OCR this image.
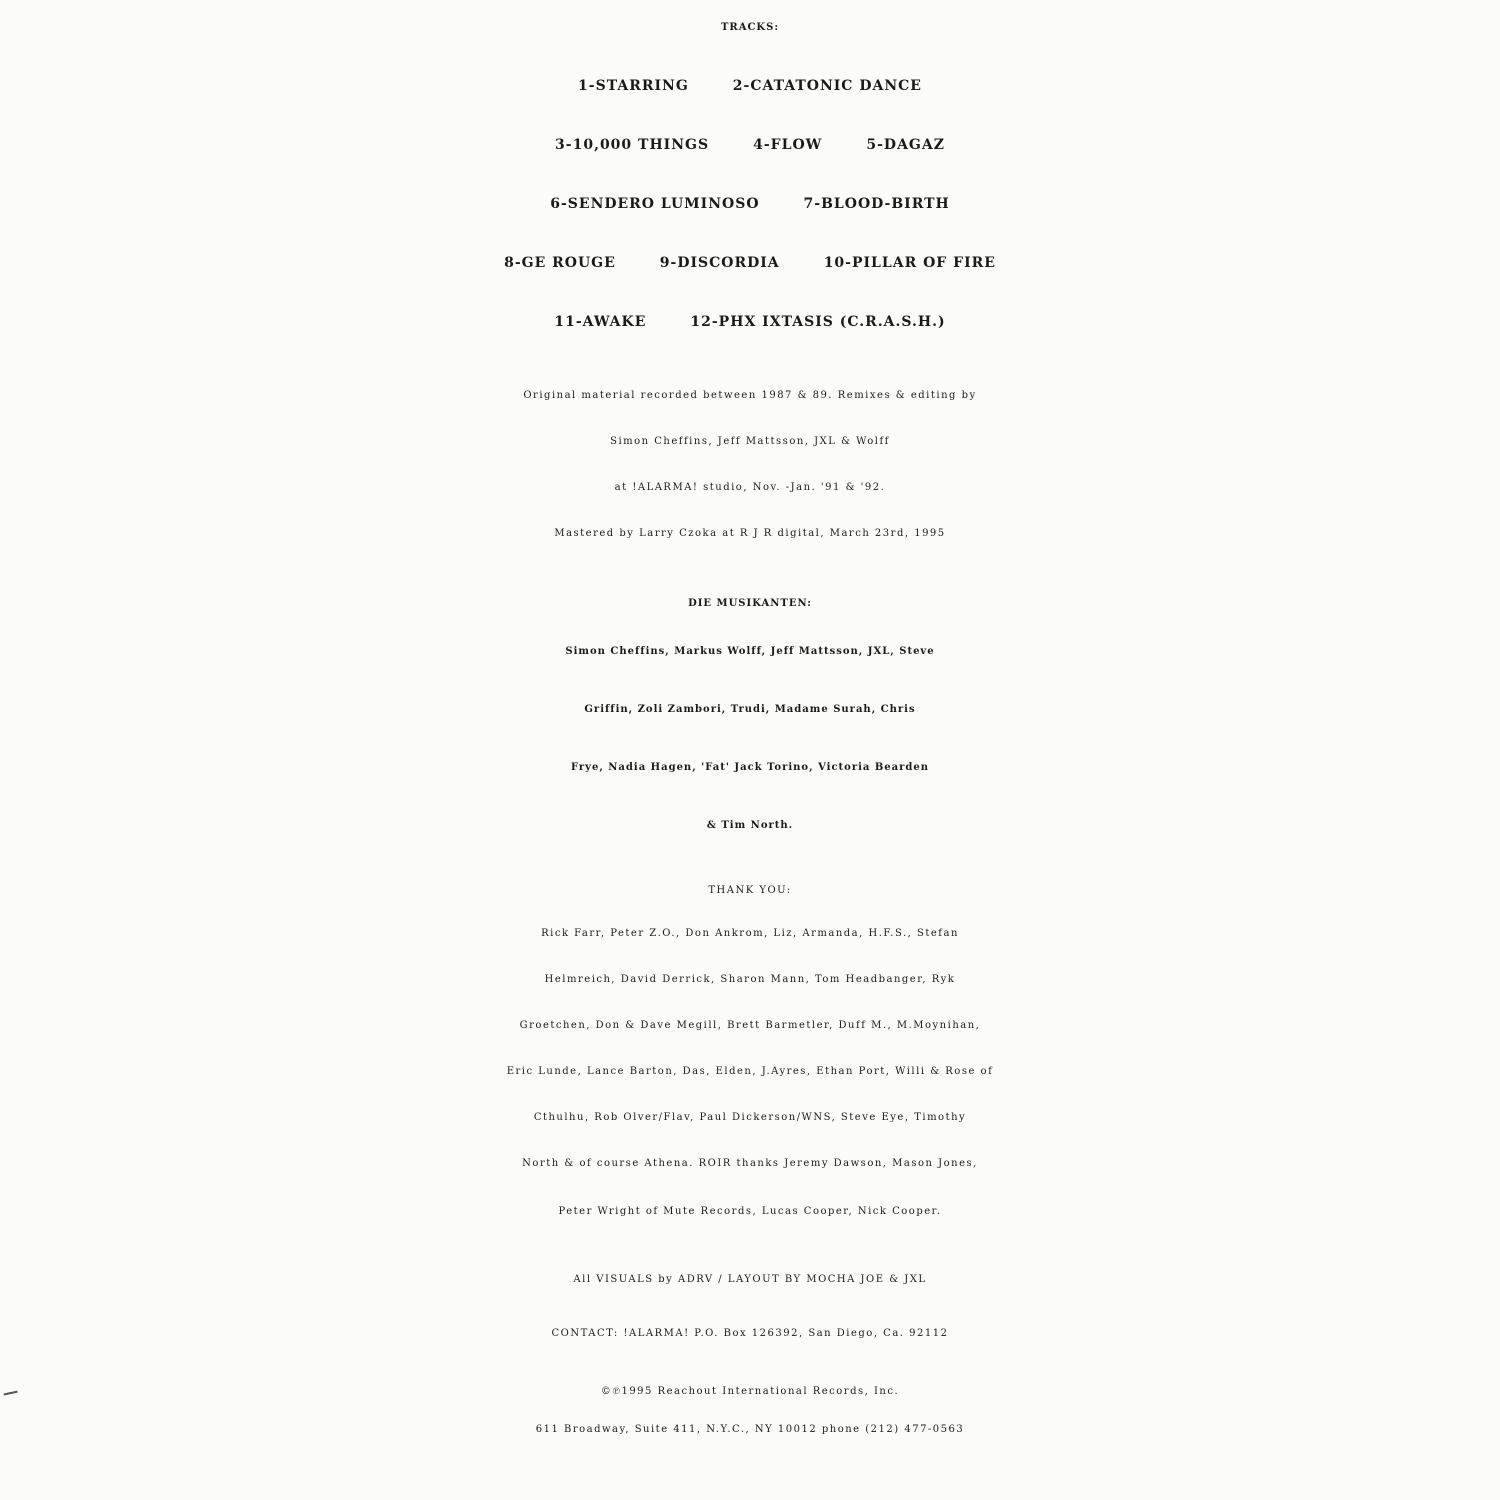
TRACKS:
1-STARRING	2-CATATONIC DANCE
3-10,000 THINGS	4-FLOW	5-DAGAZ
6-SENDERO LUMINOSO	7-BLOOD-BIRTH
8-GE ROUGE	9-DISCORDIA	10-PILLAR OF FIRE
11-AWAKE	12-PHX IXTASIS (C.R.A.S.H.)
Original material recorded between 1987 & 89. Remixes & editing by
Simon Cheffins, Jeff Mattsson, JXL & Wolff
at !ALARMA! studio, Nov. -Jan. '91 & '92.
Mastered by Larry Czoka at R J R digital, March 23rd, 1995
DIE MUSIKANTEN:
Simon Cheffins, Markus Wolff, Jeff Mattsson, JXL, Steve
Griffin, Zoli Zambori, Trudi, Madame Surah, Chris
Frye, Nadia Hagen, 'Fat' Jack Torino, Victoria Bearden
& Tim North.
THANK YOU:
Rick Farr, Peter Z.O., Don Ankrom, Liz, Armanda, H.F.S., Stefan
Helmreich, David Derrick, Sharon Mann, Tom Headbanger, Ryk
Groetchen, Don & Dave Megill, Brett Barmetler, Duff M., M.Moynihan,
Eric Lunde, Lance Barton, Das, Elden, J.Ayres, Ethan Port, Willi & Rose of
Cthulhu, Rob Olver/Flav, Paul Dickerson/WNS, Steve Eye, Timothy
North & of course Athena. ROIR thanks Jeremy Dawson, Mason Jones,
Peter Wright of Mute Records, Lucas Cooper, Nick Cooper.
All VISUALS by ADRV / LAYOUT BY MOCHA JOE & JXL
CONTACT: !ALARMA! P.O. Box 126392, San Diego, Ca. 92112
©℗1995 Reachout International Records, Inc.
611 Broadway, Suite 411, N.Y.C., NY 10012 phone (212) 477-0563
